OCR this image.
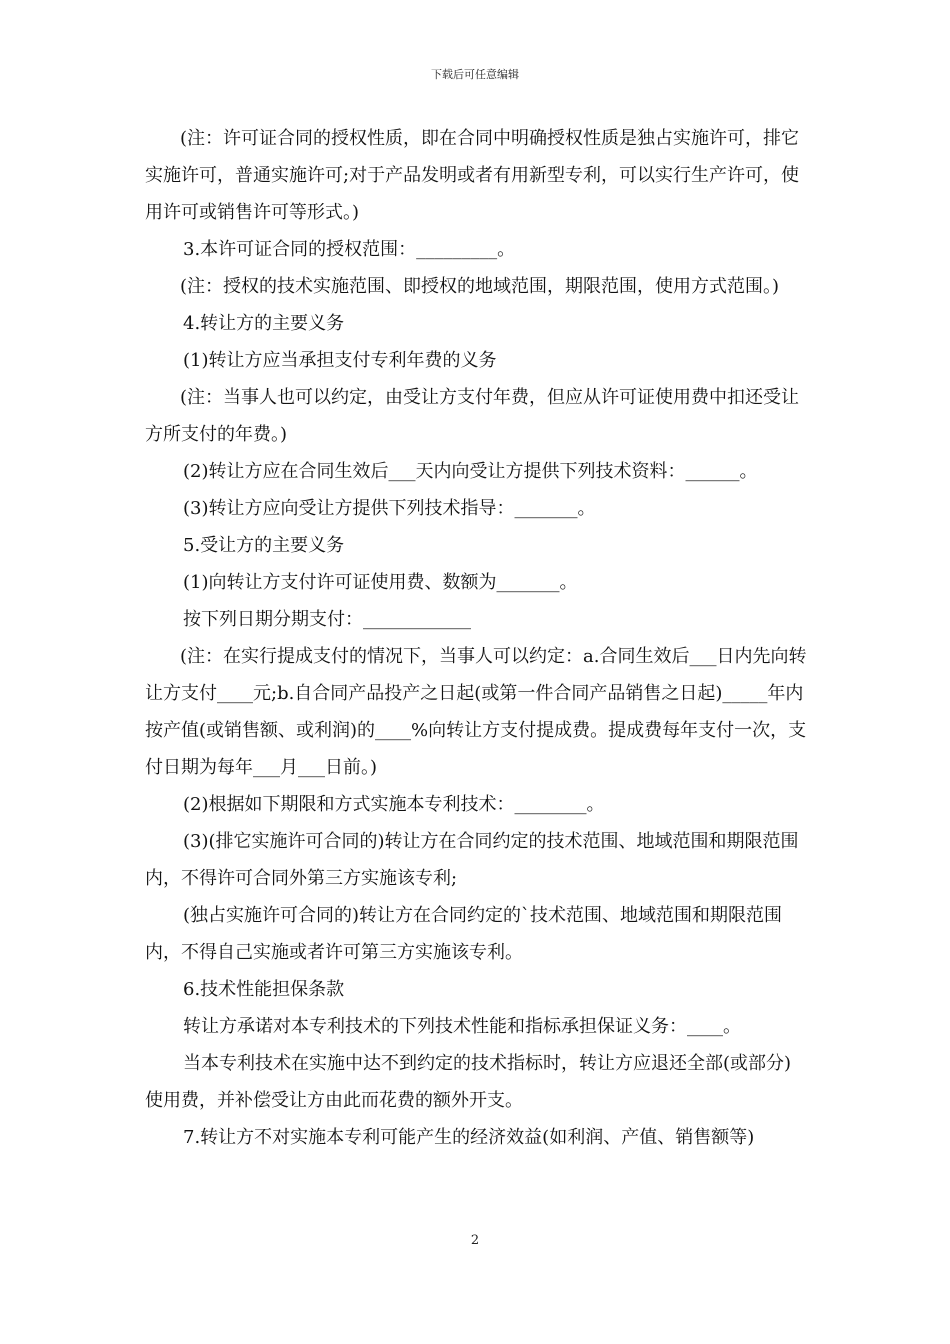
下载后可任意编辑

(注：许可证合同的授权性质，即在合同中明确授权性质是独占实施许可，排它实施许可，普通实施许可;对于产品发明或者有用新型专利，可以实行生产许可，使用许可或销售许可等形式。)

3.本许可证合同的授权范围：_________。

(注：授权的技术实施范围、即授权的地域范围，期限范围，使用方式范围。)

4.转让方的主要义务

(1)转让方应当承担支付专利年费的义务

(注：当事人也可以约定，由受让方支付年费，但应从许可证使用费中扣还受让方所支付的年费。)

(2)转让方应在合同生效后___天内向受让方提供下列技术资料：______。

(3)转让方应向受让方提供下列技术指导：_______。

5.受让方的主要义务

(1)向转让方支付许可证使用费、数额为_______。

按下列日期分期支付：____________

(注：在实行提成支付的情况下，当事人可以约定：a.合同生效后___日内先向转让方支付____元;b.自合同产品投产之日起(或第一件合同产品销售之日起)_____年内按产值(或销售额、或利润)的____%向转让方支付提成费。提成费每年支付一次，支付日期为每年___月___日前。)

(2)根据如下期限和方式实施本专利技术：________。

(3)(排它实施许可合同的)转让方在合同约定的技术范围、地域范围和期限范围内，不得许可合同外第三方实施该专利;

(独占实施许可合同的)转让方在合同约定的`技术范围、地域范围和期限范围内，不得自己实施或者许可第三方实施该专利。

6.技术性能担保条款

转让方承诺对本专利技术的下列技术性能和指标承担保证义务：____。

当本专利技术在实施中达不到约定的技术指标时，转让方应退还全部(或部分)使用费，并补偿受让方由此而花费的额外开支。

7.转让方不对实施本专利可能产生的经济效益(如利润、产值、销售额等)

2
